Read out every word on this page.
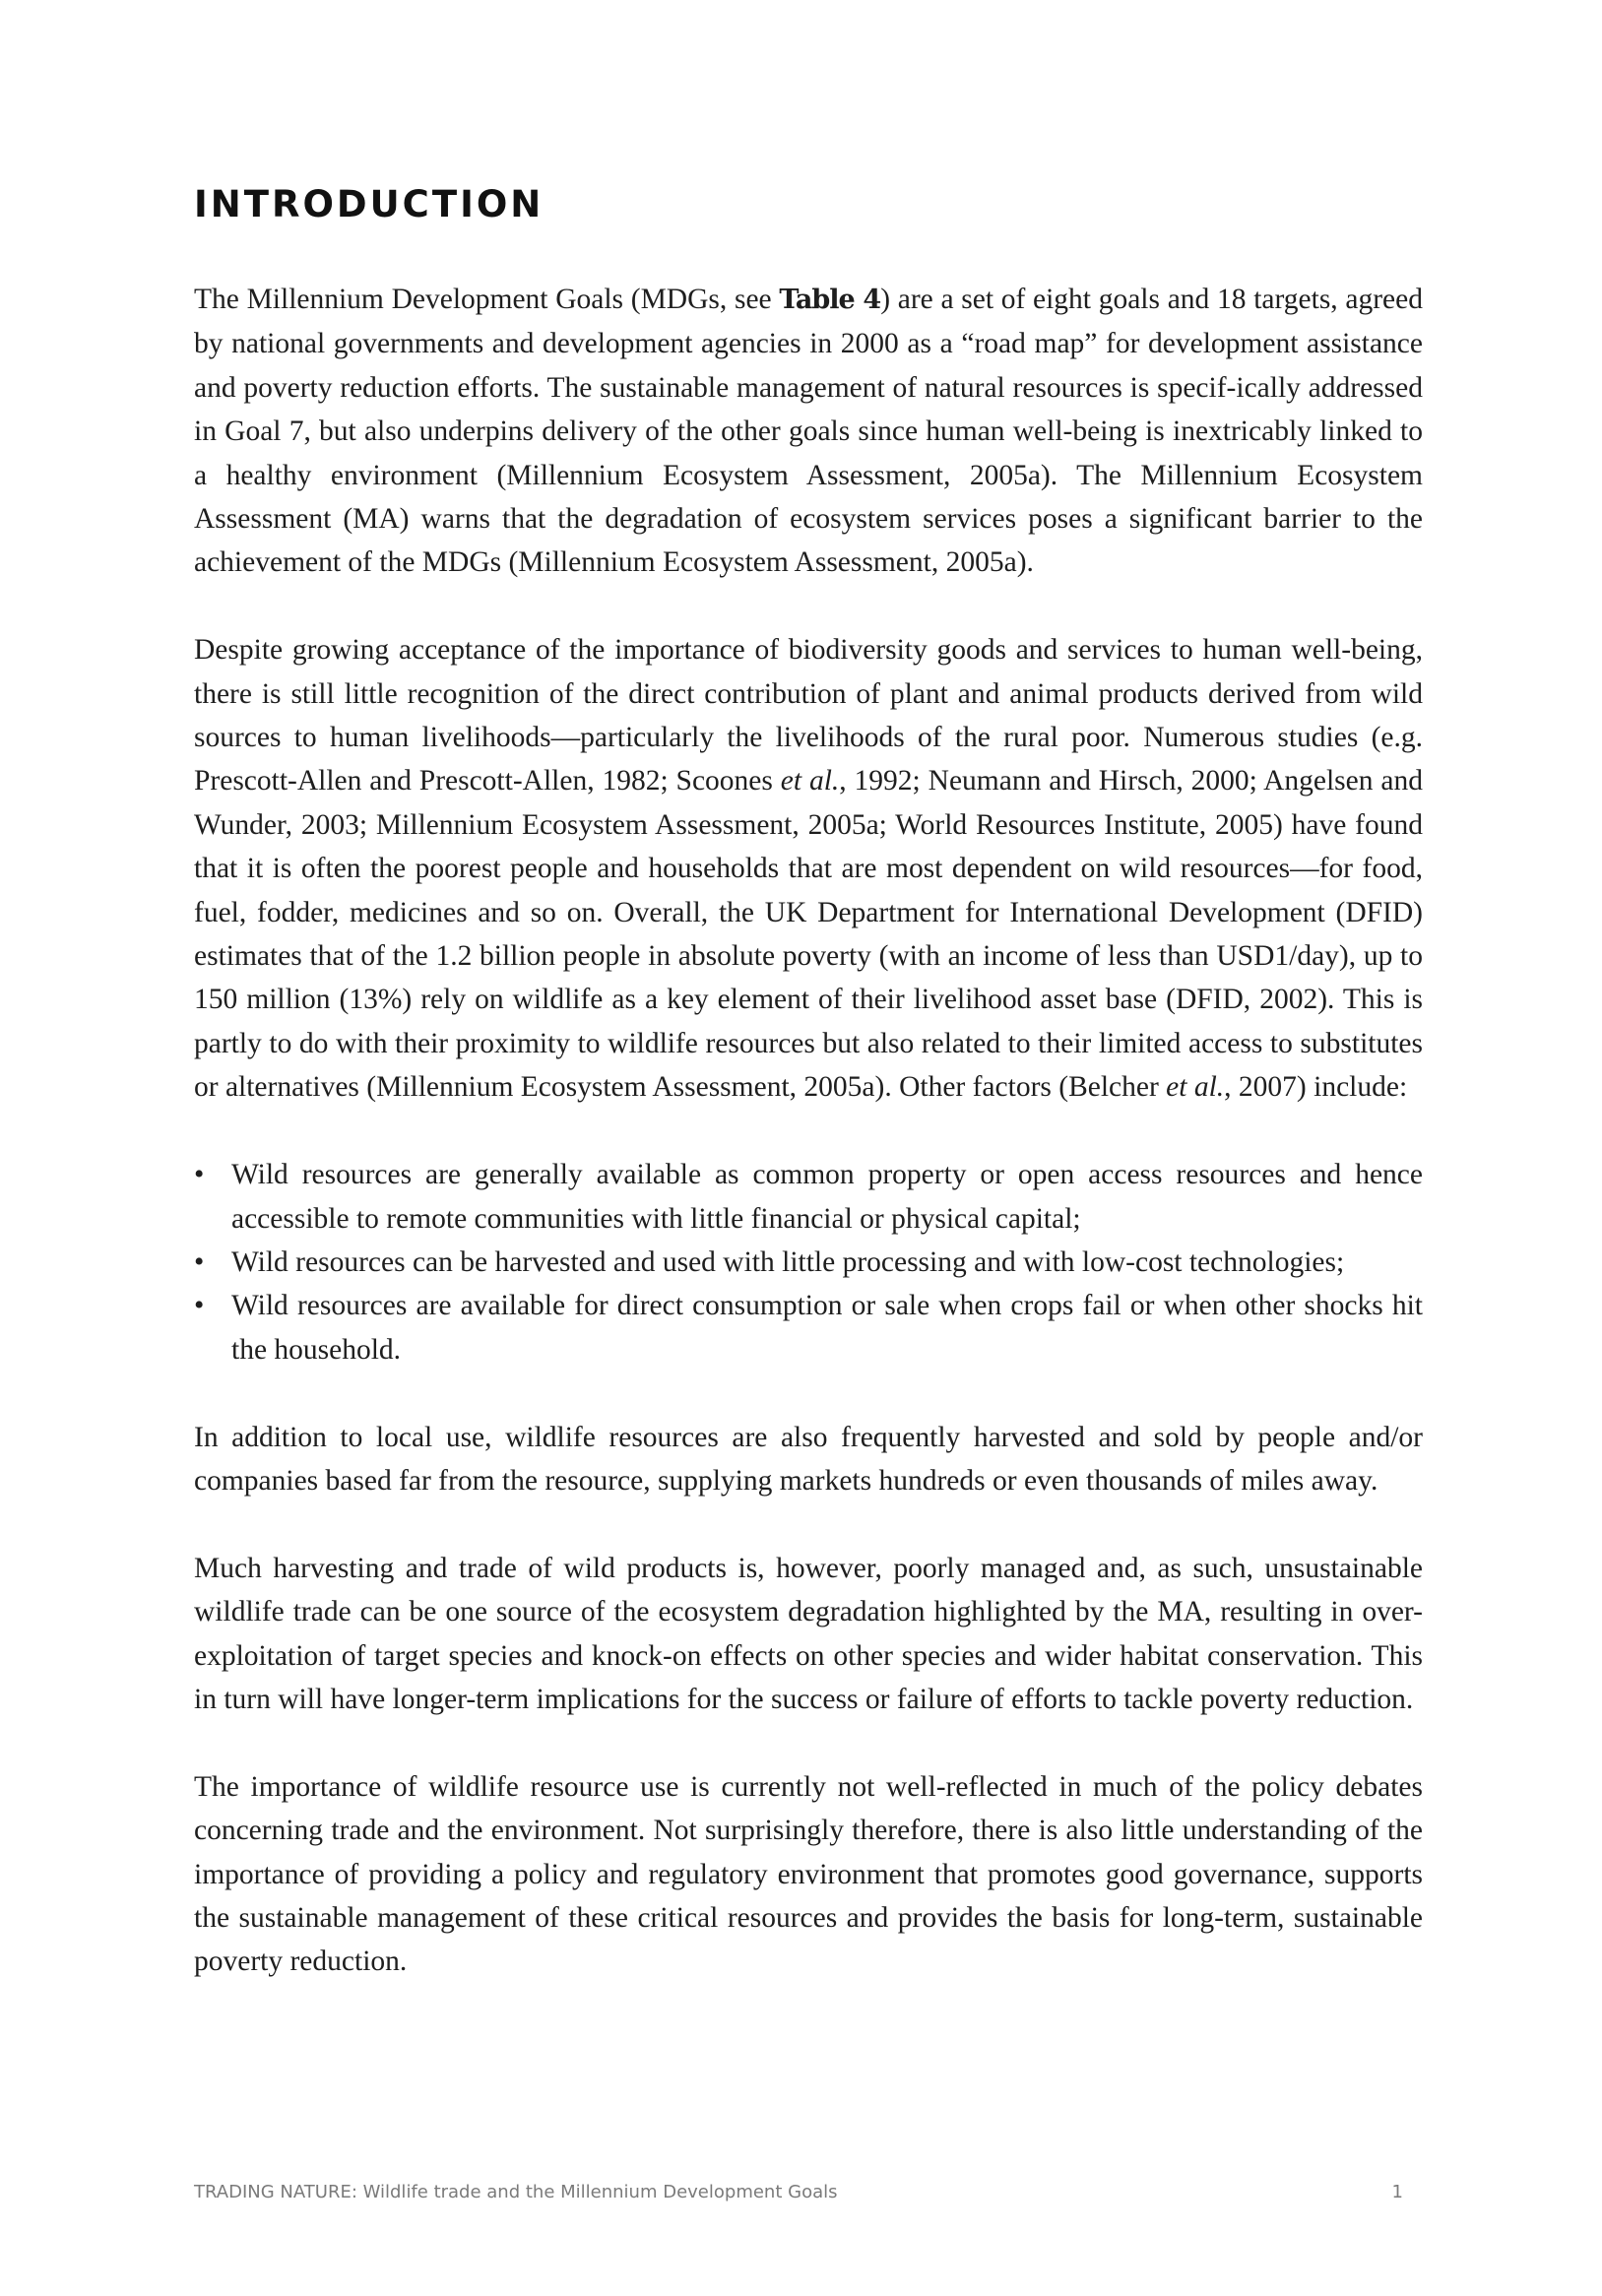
INTRODUCTION

The Millennium Development Goals (MDGs, see Table 4) are a set of eight goals and 18 targets, agreed by national governments and development agencies in 2000 as a “road map” for development assistance and poverty reduction efforts. The sustainable management of natural resources is specif-ically addressed in Goal 7, but also underpins delivery of the other goals since human well-being is inextricably linked to a healthy environment (Millennium Ecosystem Assessment, 2005a). The Millennium Ecosystem Assessment (MA) warns that the degradation of ecosystem services poses a significant barrier to the achievement of the MDGs (Millennium Ecosystem Assessment, 2005a).

Despite growing acceptance of the importance of biodiversity goods and services to human well-being, there is still little recognition of the direct contribution of plant and animal products derived from wild sources to human livelihoods—particularly the livelihoods of the rural poor. Numerous studies (e.g. Prescott-Allen and Prescott-Allen, 1982; Scoones et al., 1992; Neumann and Hirsch, 2000; Angelsen and Wunder, 2003; Millennium Ecosystem Assessment, 2005a; World Resources Institute, 2005) have found that it is often the poorest people and households that are most dependent on wild resources—for food, fuel, fodder, medicines and so on. Overall, the UK Department for International Development (DFID) estimates that of the 1.2 billion people in absolute poverty (with an income of less than USD1/day), up to 150 million (13%) rely on wildlife as a key element of their livelihood asset base (DFID, 2002). This is partly to do with their proximity to wildlife resources but also related to their limited access to substitutes or alternatives (Millennium Ecosystem Assessment, 2005a). Other factors (Belcher et al., 2007) include:

• Wild resources are generally available as common property or open access resources and hence accessible to remote communities with little financial or physical capital;
• Wild resources can be harvested and used with little processing and with low-cost technologies;
• Wild resources are available for direct consumption or sale when crops fail or when other shocks hit the household.

In addition to local use, wildlife resources are also frequently harvested and sold by people and/or companies based far from the resource, supplying markets hundreds or even thousands of miles away.

Much harvesting and trade of wild products is, however, poorly managed and, as such, unsustainable wildlife trade can be one source of the ecosystem degradation highlighted by the MA, resulting in over-exploitation of target species and knock-on effects on other species and wider habitat conservation. This in turn will have longer-term implications for the success or failure of efforts to tackle poverty reduction.

The importance of wildlife resource use is currently not well-reflected in much of the policy debates concerning trade and the environment. Not surprisingly therefore, there is also little understanding of the importance of providing a policy and regulatory environment that promotes good governance, supports the sustainable management of these critical resources and provides the basis for long-term, sustainable poverty reduction.

TRADING NATURE: Wildlife trade and the Millennium Development Goals	1
